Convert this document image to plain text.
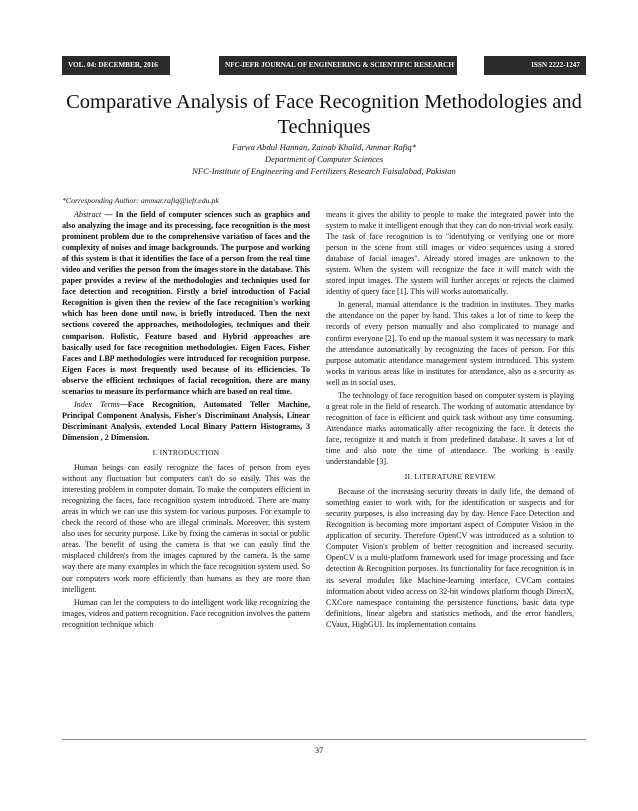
VOL. 04: DECEMBER, 2016	NFC-IEFR JOURNAL OF ENGINEERING & SCIENTIFIC RESEARCH	ISSN 2222-1247
Comparative Analysis of Face Recognition Methodologies and Techniques
Farwa Abdul Hannan, Zainab Khalid, Ammar Rafiq*
Department of Computer Sciences
NFC-Institute of Engineering and Fertilizers Research Faisalabad, Pakistan
*Corresponding Author: ammar.rafiq@iefr.edu.pk

Abstract — In the field of computer sciences such as graphics and also analyzing the image and its processing, face recognition is the most prominent problem due to the comprehensive variation of faces and the complexity of noises and image backgrounds. The purpose and working of this system is that it identifies the face of a person from the real time video and verifies the person from the images store in the database. This paper provides a review of the methodologies and techniques used for face detection and recognition. Firstly a brief introduction of Facial Recognition is given then the review of the face recognition's working which has been done until now, is briefly introduced. Then the next sections covered the approaches, methodologies, techniques and their comparison. Holistic, Feature based and Hybrid approaches are basically used for face recognition methodologies. Eigen Faces, Fisher Faces and LBP methodologies were introduced for recognition purpose. Eigen Faces is most frequently used because of its efficiencies. To observe the efficient techniques of facial recognition, there are many scenarios to measure its performance which are based on real time.

Index Terms—Face Recognition, Automated Teller Machine, Principal Component Analysis, Fisher's Discriminant Analysis, Linear Discriminant Analysis, extended Local Binary Pattern Histograms, 3 Dimension , 2 Dimension.

I. INTRODUCTION

Human beings can easily recognize the faces of person from eyes without any fluctuation but computers can't do so easily. This was the interesting problem in computer domain. To make the computers efficient in recognizing the faces, face recognition system introduced. There are many areas in which we can use this system for various purposes. For example to check the record of those who are illegal criminals. Moreover, this system also uses for security purpose. Like by fixing the cameras in social or public areas. The benefit of using the camera is that we can easily find the misplaced children's from the images captured by the camera. Is the same way there are many examples in which the face recognition system used. So our computers work more efficiently than humans as they are more than intelligent.

Human can let the computers to do intelligent work like recognizing the images, videos and pattern recognition. Face recognition involves the pattern recognition technique which

means it gives the ability to people to make the integrated power into the system to make it intelligent enough that they can do non-trivial work easily. The task of face recognition is to "identifying or verifying one or more person in the scene from still images or video sequences using a stored database of facial images". Already stored images are unknown to the system. When the system will recognize the face it will match with the stored input images. The system will further accepts or rejects the claimed identity of query face [1]. This will works automatically.

In general, manual attendance is the tradition in institutes. They marks the attendance on the paper by hand. This takes a lot of time to keep the records of every person manually and also complicated to manage and confirm everyone [2]. To end up the manual system it was necessary to mark the attendance automatically by recognizing the faces of person. For this purpose automatic attendance management system introduced. This system works in various areas like in institutes for attendance, also as a security as well as in social uses.

The technology of face recognition based on computer system is playing a great role in the field of research. The working of automatic attendance by recognition of face is efficient and quick task without any time consuming. Attendance marks automatically after recognizing the face. It detects the face, recognize it and match it from predefined database. It saves a lot of time and also note the time of attendance. The working is easily understandable [3].

II. LITERATURE REVIEW

Because of the increasing security threats in daily life, the demand of something easier to work with, for the identification or suspects and for security purposes, is also increasing day by day. Hence Face Detection and Recognition is becoming more important aspect of Computer Vision in the application of security. Therefore OpenCV was introduced as a solution to Computer Vision's problem of better recognition and increased security. OpenCV is a multi-platform framework used for image processing and face detection & Recognition purposes. Its functionality for face recognition is in its several modules like Machine-learning interface, CVCam contains information about video access on 32-bit windows platform though DirectX, CXCore namespace containing the persistence functions, basic data type definitions, linear algebra and statistics methods, and the error handlers, CVaux, HighGUI. Its implementation contains

37
